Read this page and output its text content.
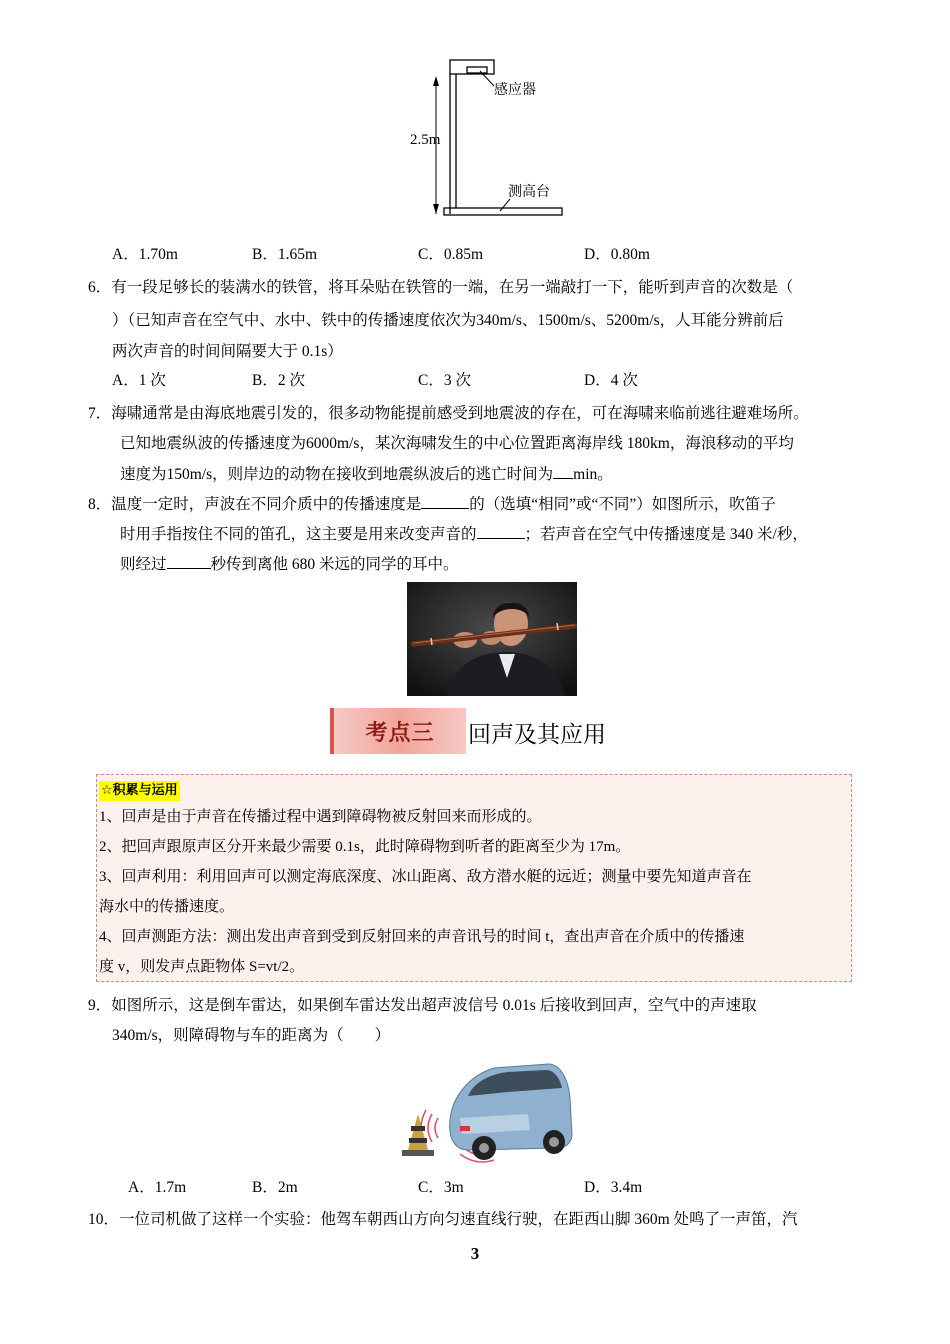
感应器
2.5m
测高台
A．1.70m	B．1.65m	C．0.85m	D．0.80m
6．有一段足够长的装满水的铁管，将耳朵贴在铁管的一端，在另一端敲打一下，能听到声音的次数是（
）（已知声音在空气中、水中、铁中的传播速度依次为340m/s、1500m/s、5200m/s，人耳能分辨前后
两次声音的时间间隔要大于 0.1s）
A．1 次	B．2 次	C．3 次	D．4 次
7．海啸通常是由海底地震引发的，很多动物能提前感受到地震波的存在，可在海啸来临前逃往避难场所。
已知地震纵波的传播速度为6000m/s，某次海啸发生的中心位置距离海岸线 180km，海浪移动的平均
速度为150m/s，则岸边的动物在接收到地震纵波后的逃亡时间为 min。
8．温度一定时，声波在不同介质中的传播速度是	的（选填“相同”或“不同”）如图所示，吹笛子
时用手指按住不同的笛孔，这主要是用来改变声音的	；若声音在空气中传播速度是 340 米/秒，
则经过	秒传到离他 680 米远的同学的耳中。
考点三	回声及其应用
☆积累与运用
1、回声是由于声音在传播过程中遇到障碍物被反射回来而形成的。
2、把回声跟原声区分开来最少需要 0.1s，此时障碍物到听者的距离至少为 17m。
3、回声利用：利用回声可以测定海底深度、冰山距离、敌方潜水艇的远近；测量中要先知道声音在
海水中的传播速度。
4、回声测距方法：测出发出声音到受到反射回来的声音讯号的时间 t，查出声音在介质中的传播速
度 v，则发声点距物体 S=vt/2。
9．如图所示，这是倒车雷达，如果倒车雷达发出超声波信号 0.01s 后接收到回声，空气中的声速取
340m/s，则障碍物与车的距离为（　　）
A．1.7m	B．2m	C．3m	D．3.4m
10．一位司机做了这样一个实验：他驾车朝西山方向匀速直线行驶，在距西山脚 360m 处鸣了一声笛，汽
3
